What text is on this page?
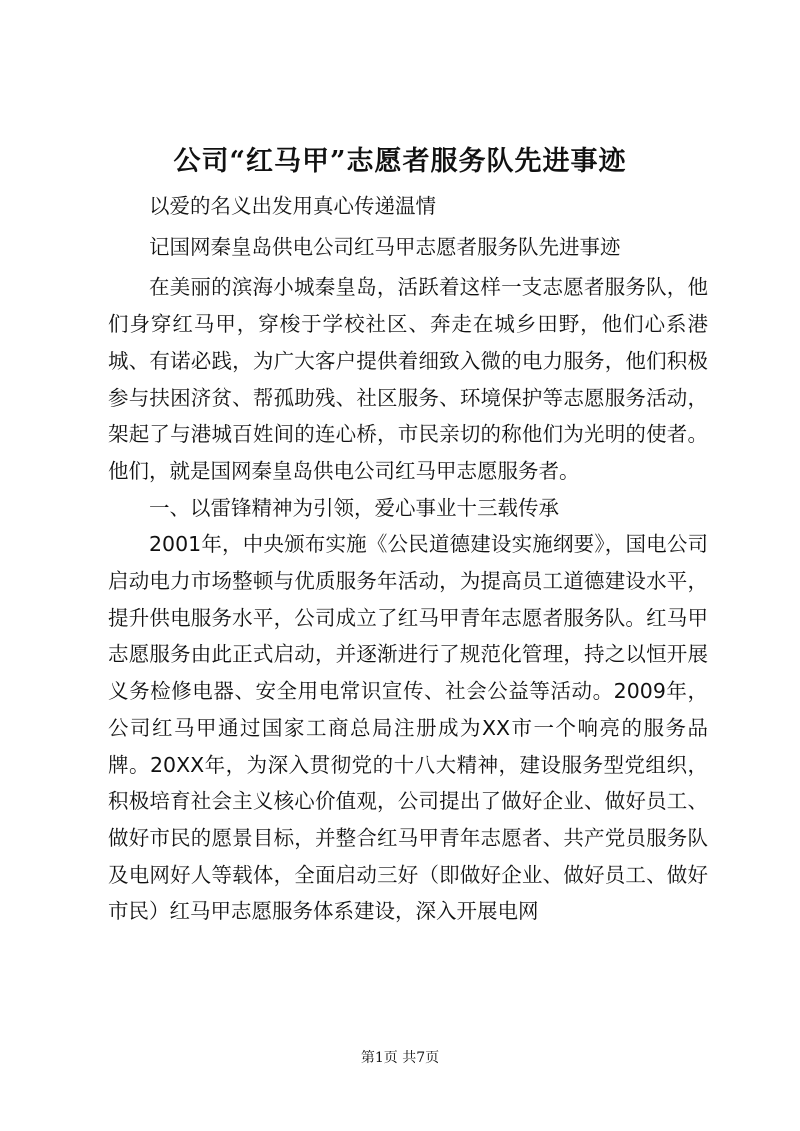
公司“红马甲”志愿者服务队先进事迹

以爱的名义出发用真心传递温情

记国网秦皇岛供电公司红马甲志愿者服务队先进事迹

在美丽的滨海小城秦皇岛，活跃着这样一支志愿者服务队，他们身穿红马甲，穿梭于学校社区、奔走在城乡田野，他们心系港城、有诺必践，为广大客户提供着细致入微的电力服务，他们积极参与扶困济贫、帮孤助残、社区服务、环境保护等志愿服务活动，架起了与港城百姓间的连心桥，市民亲切的称他们为光明的使者。他们，就是国网秦皇岛供电公司红马甲志愿服务者。

一、以雷锋精神为引领，爱心事业十三载传承

2001年，中央颁布实施《公民道德建设实施纲要》，国电公司启动电力市场整顿与优质服务年活动，为提高员工道德建设水平，提升供电服务水平，公司成立了红马甲青年志愿者服务队。红马甲志愿服务由此正式启动，并逐渐进行了规范化管理，持之以恒开展义务检修电器、安全用电常识宣传、社会公益等活动。2009年，公司红马甲通过国家工商总局注册成为XX市一个响亮的服务品牌。20XX年，为深入贯彻党的十八大精神，建设服务型党组织，积极培育社会主义核心价值观，公司提出了做好企业、做好员工、做好市民的愿景目标，并整合红马甲青年志愿者、共产党员服务队及电网好人等载体，全面启动三好（即做好企业、做好员工、做好市民）红马甲志愿服务体系建设，深入开展电网

第1页 共7页
